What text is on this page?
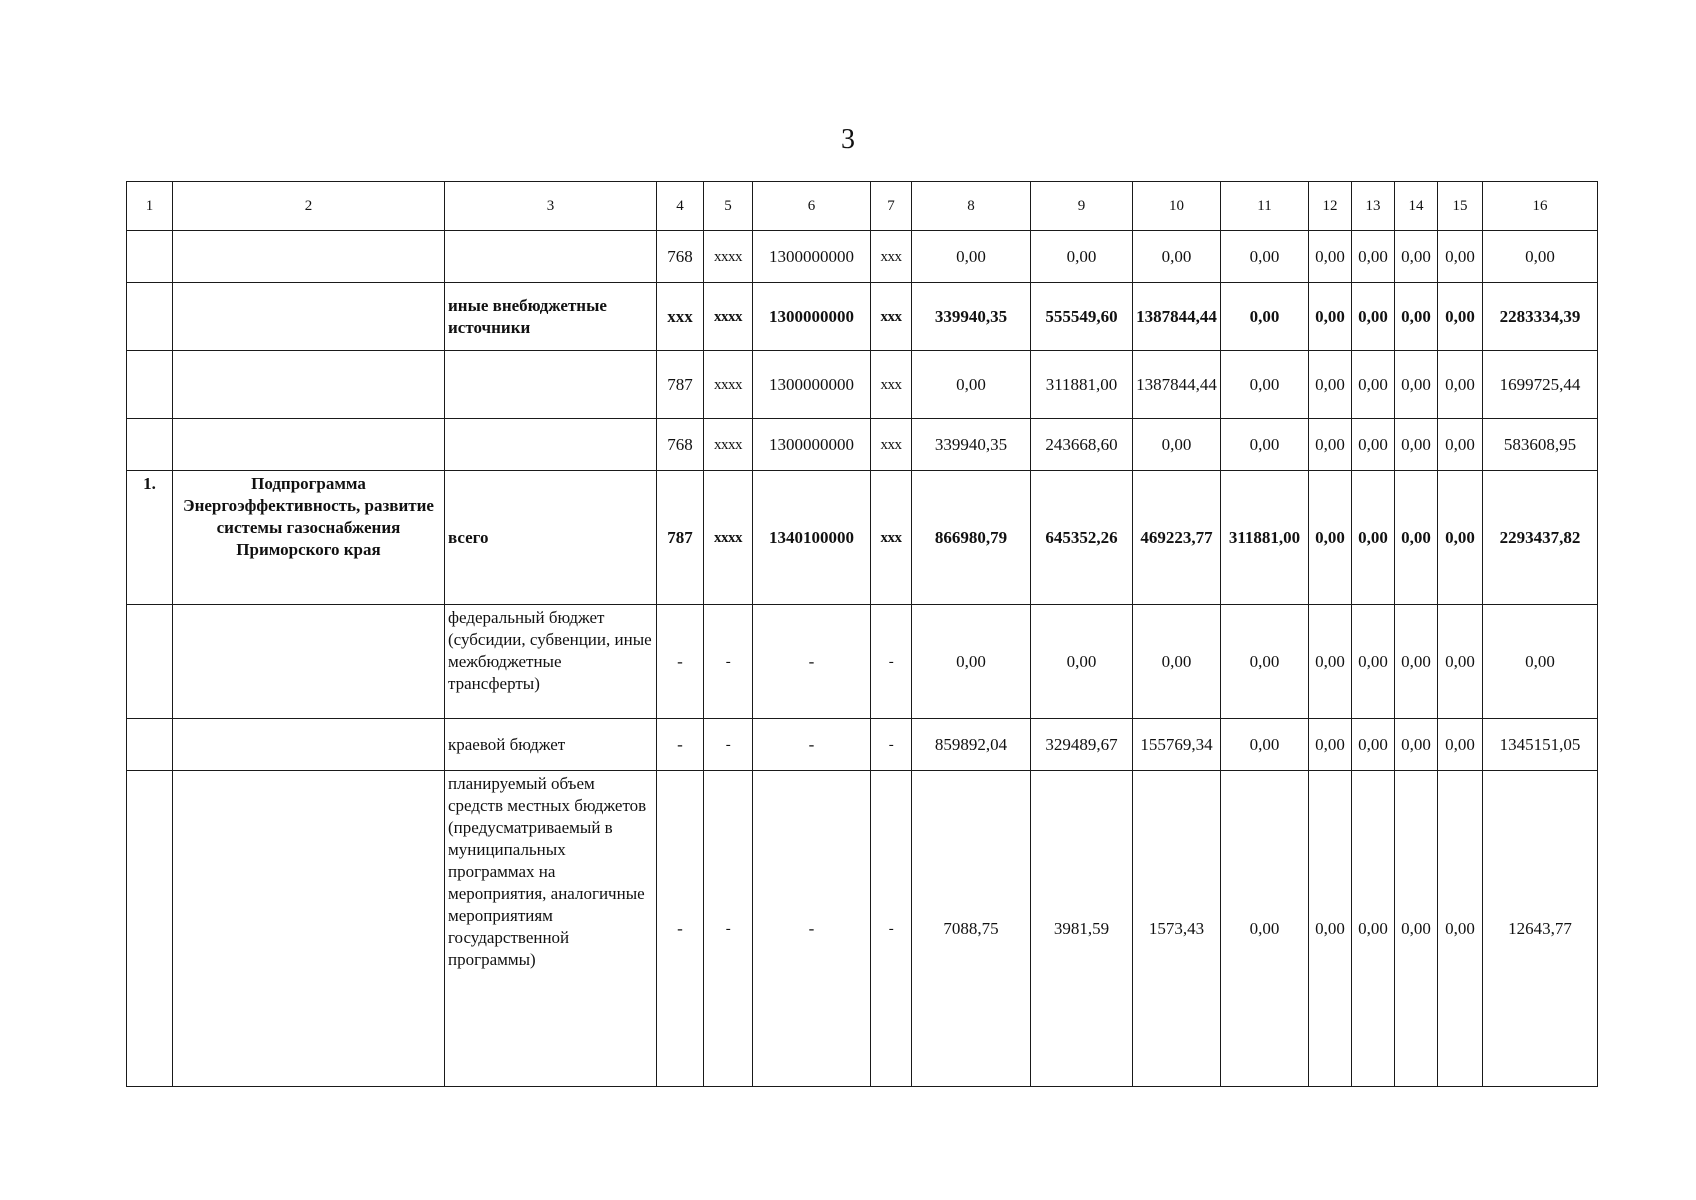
3
1	2	3	4	5	6	7	8	9	10	11	12	13	14	15	16
			768	xxxx	1300000000	xxx	0,00	0,00	0,00	0,00	0,00	0,00	0,00	0,00	0,00
		иные внебюджетные источники	xxx	xxxx	1300000000	xxx	339940,35	555549,60	1387844,44	0,00	0,00	0,00	0,00	0,00	2283334,39
			787	xxxx	1300000000	xxx	0,00	311881,00	1387844,44	0,00	0,00	0,00	0,00	0,00	1699725,44
			768	xxxx	1300000000	xxx	339940,35	243668,60	0,00	0,00	0,00	0,00	0,00	0,00	583608,95
1.	Подпрограмма Энергоэффективность, развитие системы газоснабжения Приморского края	всего	787	xxxx	1340100000	xxx	866980,79	645352,26	469223,77	311881,00	0,00	0,00	0,00	0,00	2293437,82
		федеральный бюджет (субсидии, субвенции, иные межбюджетные трансферты)	-	-	-	-	0,00	0,00	0,00	0,00	0,00	0,00	0,00	0,00	0,00
		краевой бюджет	-	-	-	-	859892,04	329489,67	155769,34	0,00	0,00	0,00	0,00	0,00	1345151,05
		планируемый объем средств местных бюджетов (предусматриваемый в муниципальных программах на мероприятия, аналогичные мероприятиям государственной программы)	-	-	-	-	7088,75	3981,59	1573,43	0,00	0,00	0,00	0,00	0,00	12643,77
